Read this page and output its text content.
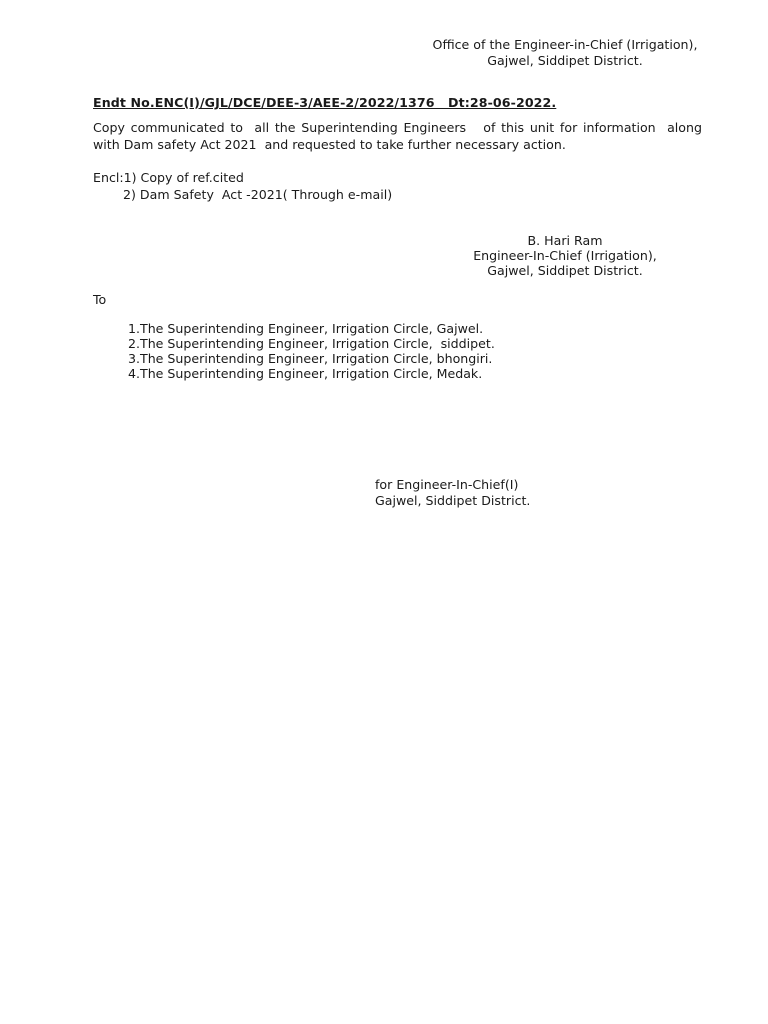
Office of the Engineer-in-Chief (Irrigation),
Gajwel, Siddipet District.
Endt No.ENC(I)/GJL/DCE/DEE-3/AEE-2/2022/1376   Dt:28-06-2022.
Copy communicated to  all the Superintending Engineers   of this unit for information  along with Dam safety Act 2021  and requested to take further necessary action.
Encl:1) Copy of ref.cited
2) Dam Safety  Act -2021( Through e-mail)
B. Hari Ram
Engineer-In-Chief (Irrigation),
Gajwel, Siddipet District.
To
1. The Superintending Engineer, Irrigation Circle, Gajwel.
2. The Superintending Engineer, Irrigation Circle,  siddipet.
3. The Superintending Engineer, Irrigation Circle, bhongiri.
4. The Superintending Engineer, Irrigation Circle, Medak.
for Engineer-In-Chief(I)
Gajwel, Siddipet District.
